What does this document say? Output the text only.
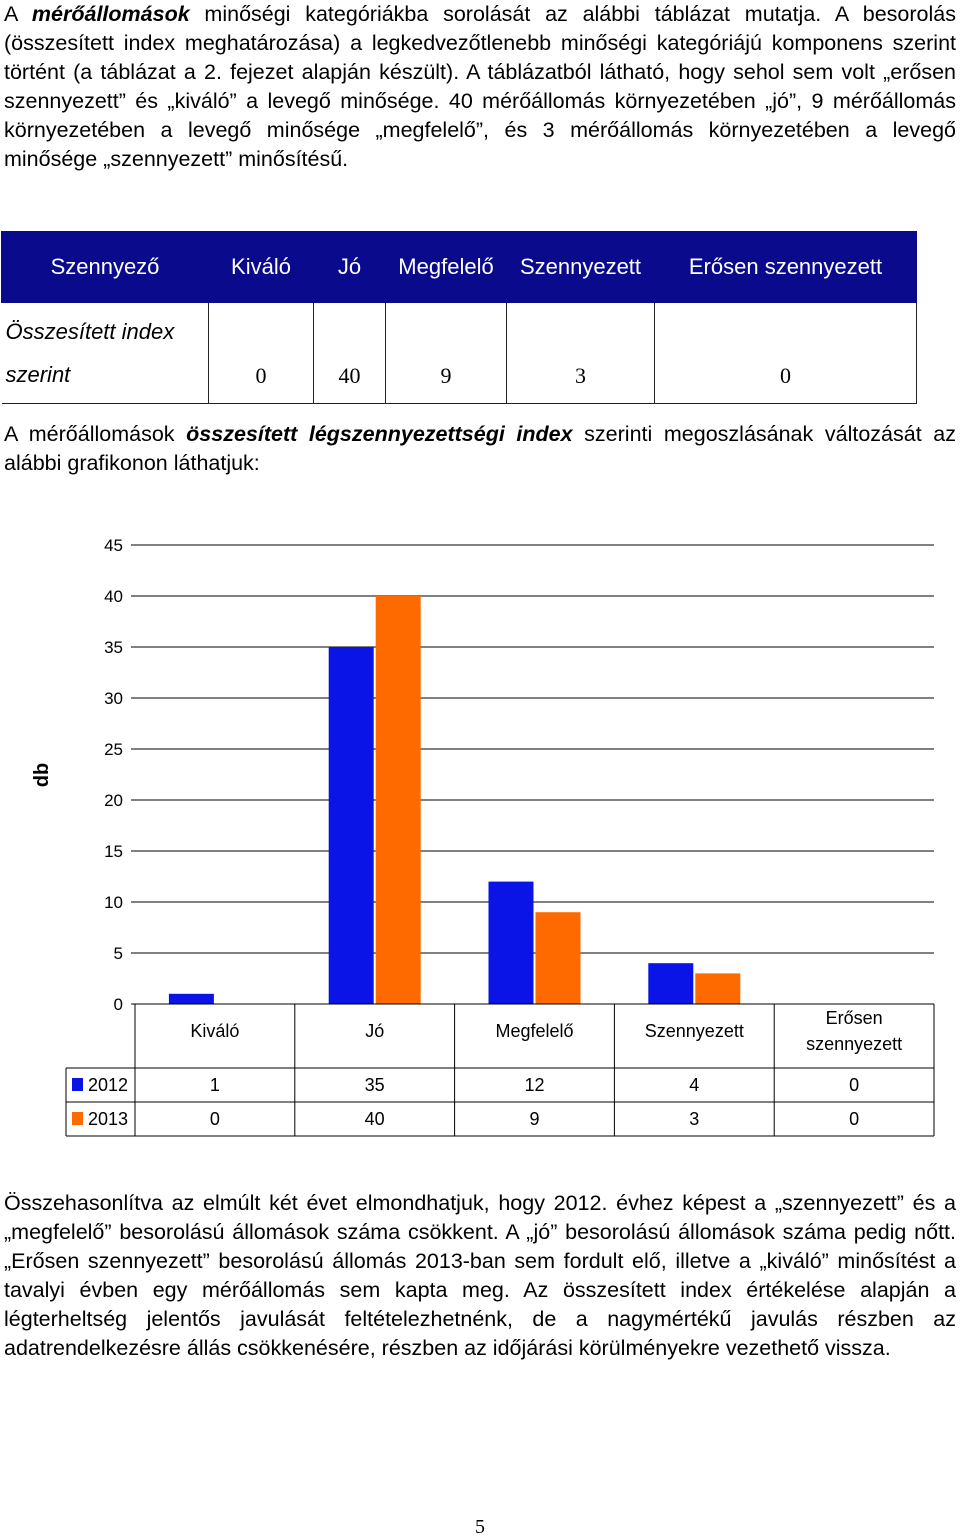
A mérőállomások minőségi kategóriákba sorolását az alábbi táblázat mutatja. A besorolás (összesített index meghatározása) a legkedvezőtlenebb minőségi kategóriájú komponens szerint történt (a táblázat a 2. fejezet alapján készült). A táblázatból látható, hogy sehol sem volt „erősen szennyezett” és „kiváló” a levegő minősége. 40 mérőállomás környezetében „jó”, 9 mérőállomás környezetében a levegő minősége „megfelelő”, és 3 mérőállomás környezetében a levegő minősége „szennyezett” minősítésű.

Szennyező	Kiváló	Jó	Megfelelő	Szennyezett	Erősen szennyezett

Összesített index
szerint	0	40	9	3	0

A mérőállomások összesített légszennyezettségi index szerinti megoszlásának változását az alábbi grafikonon láthatjuk:

0
5
10
15
20
25
30
35
40
45
Kiváló	Jó	Megfelelő	Szennyezett
Erősen
szennyezett
2012	1	35	12	4	0
2013	0	40	9	3	0
db

Összehasonlítva az elmúlt két évet elmondhatjuk, hogy 2012. évhez képest a „szennyezett” és a „megfelelő” besorolású állomások száma csökkent. A „jó” besorolású állomások száma pedig nőtt. „Erősen szennyezett” besorolású állomás 2013-ban sem fordult elő, illetve a „kiváló” minősítést a tavalyi évben egy mérőállomás sem kapta meg. Az összesített index értékelése alapján a légterheltség jelentős javulását feltételezhetnénk, de a nagymértékű javulás részben az adatrendelkezésre állás csökkenésére, részben az időjárási körülményekre vezethető vissza.

5
